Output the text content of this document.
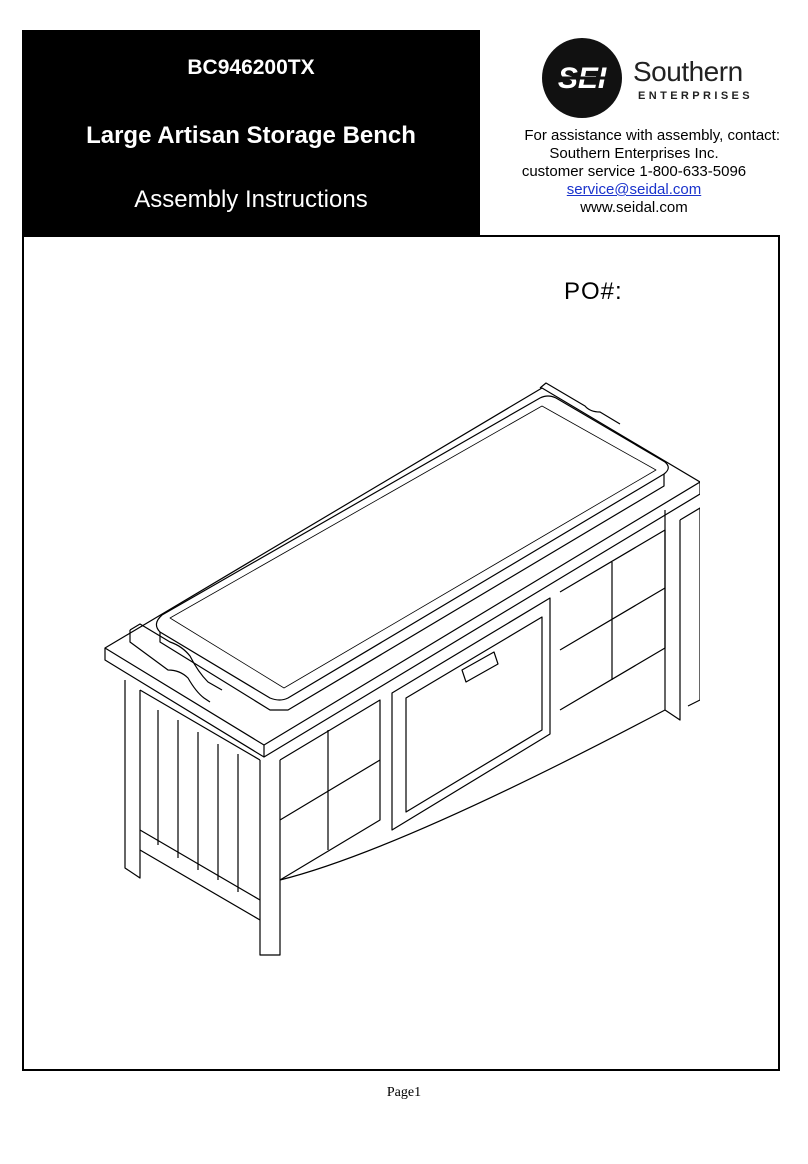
BC946200TX
Large Artisan Storage Bench
Assembly Instructions
SEI Southern
ENTERPRISES
For assistance with assembly, contact:
Southern Enterprises Inc.
customer service 1-800-633-5096
service@seidal.com
www.seidal.com
PO#:
Page1
